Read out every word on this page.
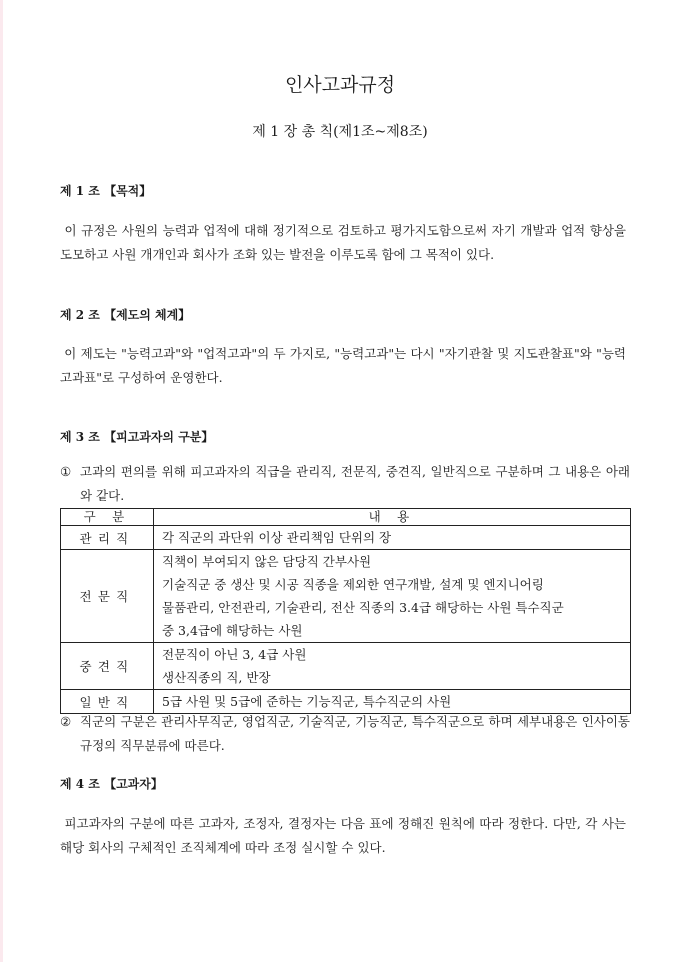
인사고과규정
제 1 장 총 칙(제1조~제8조)
제 1 조 【목적】
이 규정은 사원의 능력과 업적에 대해 정기적으로 검토하고 평가지도함으로써 자기 개발과 업적 향상을 도모하고 사원 개개인과 회사가 조화 있는 발전을 이루도록 함에 그 목적이 있다.
제 2 조 【제도의 체계】
이 제도는 "능력고과"와 "업적고과"의 두 가지로, "능력고과"는 다시 "자기관찰 및 지도관찰표"와 "능력고과표"로 구성하여 운영한다.
제 3 조 【피고과자의 구분】
① 고과의 편의를 위해 피고과자의 직급을 관리직, 전문직, 중견직, 일반직으로 구분하며 그 내용은 아래와 같다.
구 분	내 용
관리직	각 직군의 과단위 이상 관리책임 단위의 장

전문직	직책이 부여되지 않은 담당직 간부사원
기술직군 중 생산 및 시공 직종을 제외한 연구개발, 설계 및 엔지니어링
물품관리, 안전관리, 기술관리, 전산 직종의 3.4급 해당하는 사원 특수직군
중 3,4급에 해당하는 사원

중견직	전문직이 아닌 3, 4급 사원
생산직종의 직, 반장

일반직	5급 사원 및 5급에 준하는 기능직군, 특수직군의 사원
② 직군의 구분은 관리사무직군, 영업직군, 기술직군, 기능직군, 특수직군으로 하며 세부내용은 인사이동규정의 직무분류에 따른다.
제 4 조 【고과자】
피고과자의 구분에 따른 고과자, 조정자, 결정자는 다음 표에 정해진 원칙에 따라 정한다. 다만, 각 사는 해당 회사의 구체적인 조직체계에 따라 조정 실시할 수 있다.
